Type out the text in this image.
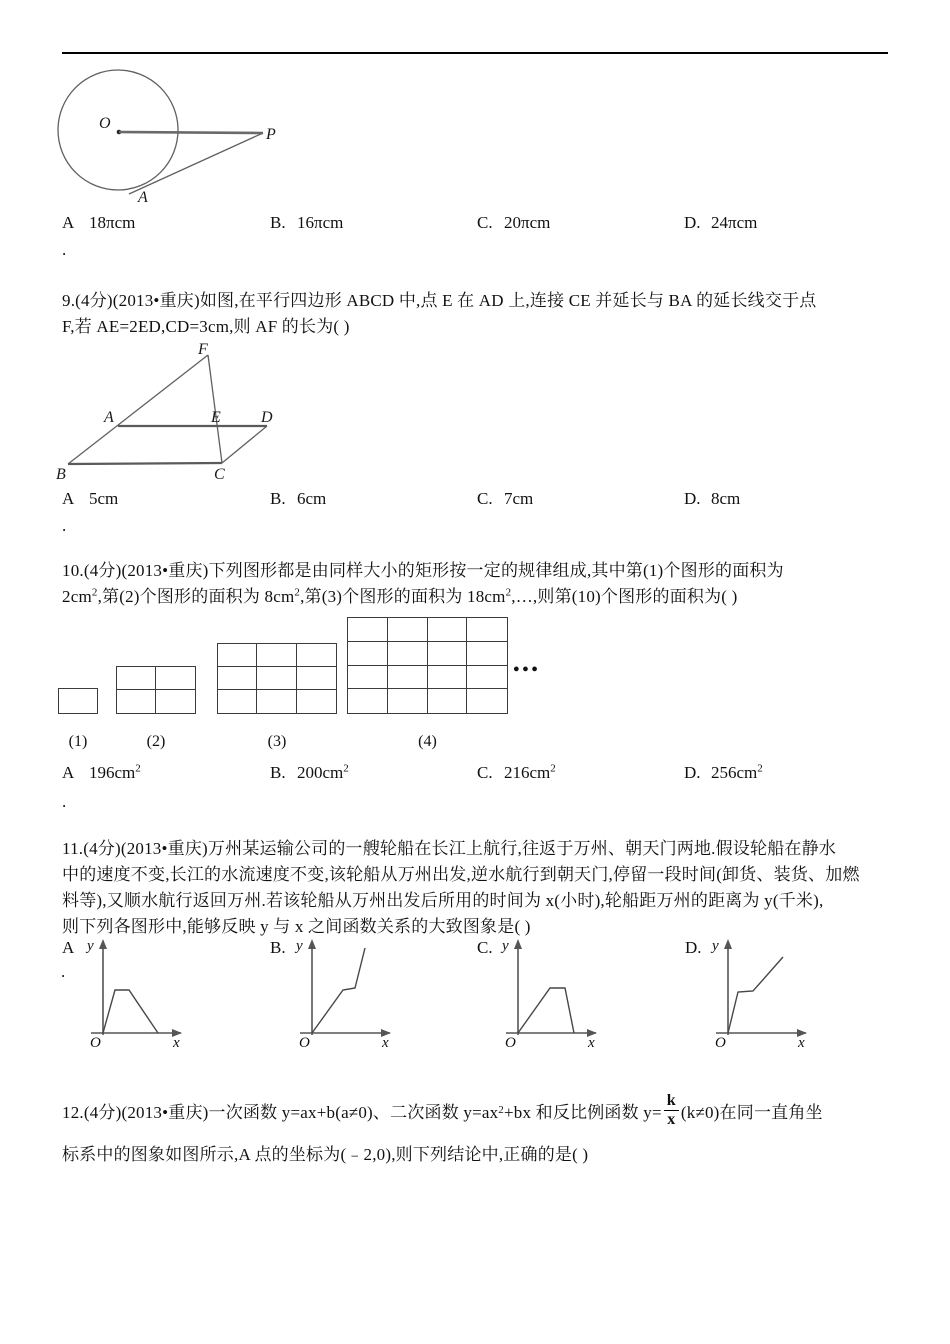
O
P
A
A 18πcm	B. 16πcm	C. 20πcm	D. 24πcm
.
9.(4分)(2013•重庆)如图,在平行四边形 ABCD 中,点 E 在 AD 上,连接 CE 并延长与 BA 的延长线交于点
F,若 AE=2ED,CD=3cm,则 AF 的长为( )
F
A	E	D
B	C
A 5cm	B. 6cm	C. 7cm	D. 8cm
.
10.(4分)(2013•重庆)下列图形都是由同样大小的矩形按一定的规律组成,其中第(1)个图形的面积为
$2cm^2$,第(2)个图形的面积为 $8cm^2$,第(3)个图形的面积为 $18cm^2,\dots$,则第(10)个图形的面积为( )
●●●
(1)	(2)	(3)	(4)
A $196cm^2$	B. $200cm^2$	C. $216cm^2$	D. $256cm^2$
.
11.(4分)(2013•重庆)万州某运输公司的一艘轮船在长江上航行,往返于万州、朝天门两地.假设轮船在静水
中的速度不变,长江的水流速度不变,该轮船从万州出发,逆水航行到朝天门,停留一段时间(卸货、装货、加燃
料等),又顺水航行返回万州.若该轮船从万州出发后所用的时间为 x(小时),轮船距万州的距离为 y(千米),
则下列各图形中,能够反映 y 与 x 之间函数关系的大致图象是( )
A	B.	C.	D.
.
y
x
O
y
x
O
y
x
O
y
x
O
12.(4分)(2013•重庆)一次函数 y=ax+b(a≠0)、二次函数 y=ax 2 +bx 和反比例函数 $y= \frac{k}{x} (k\ne 0)$在同一直角坐
标系中的图象如图所示,A 点的坐标为(﹣2,0),则下列结论中,正确的是( )
